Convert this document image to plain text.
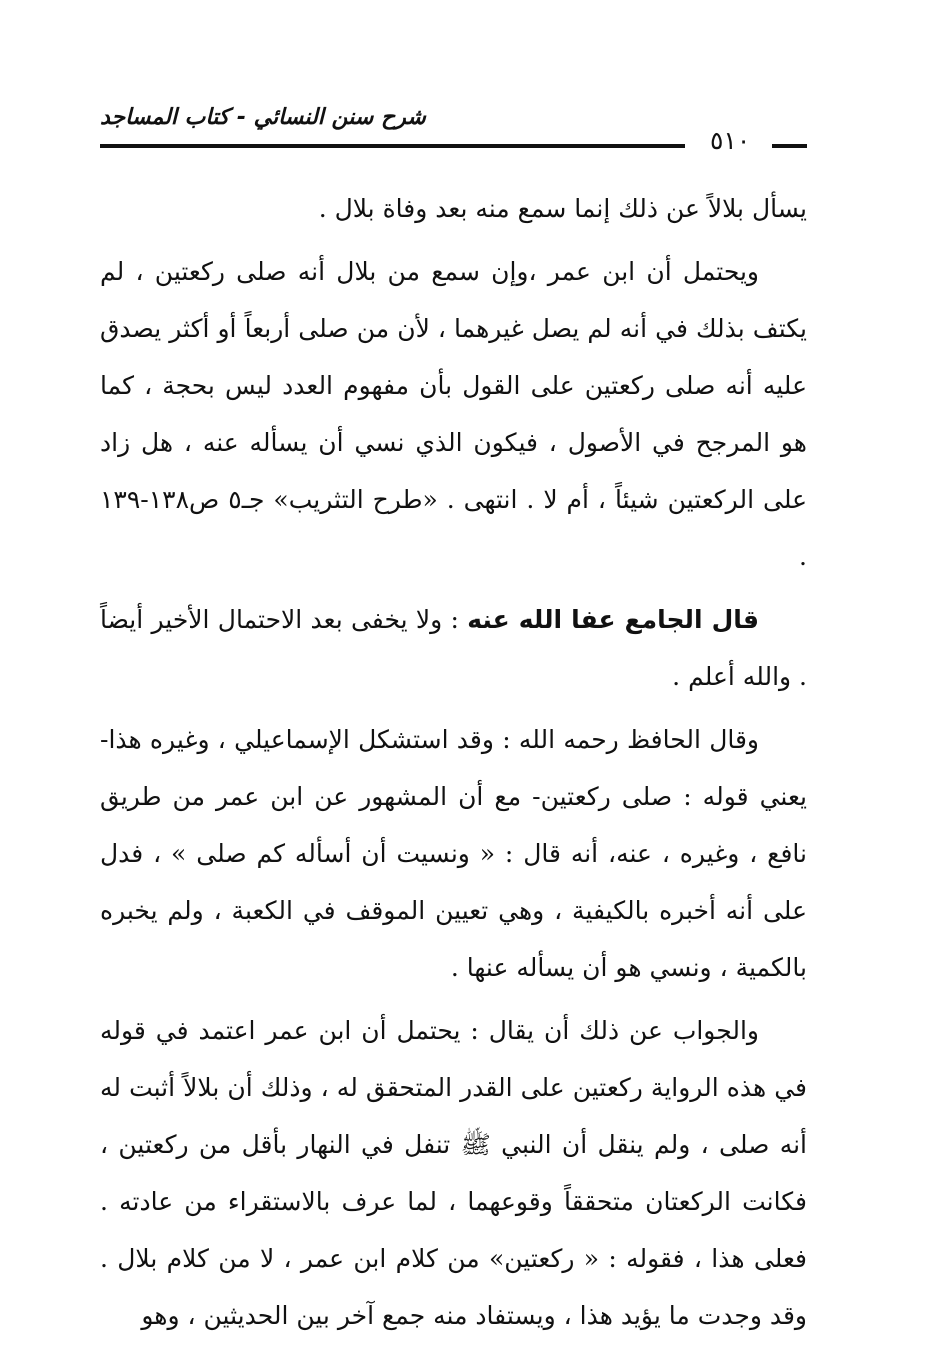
شرح سنن النسائي - كتاب المساجد
٥١٠

يسأل بلالاً عن ذلك إنما سمع منه بعد وفاة بلال .

ويحتمل أن ابن عمر ،وإن سمع من بلال أنه صلى ركعتين ، لم يكتف بذلك في أنه لم يصل غيرهما ، لأن من صلى أربعاً أو أكثر يصدق عليه أنه صلى ركعتين على القول بأن مفهوم العدد ليس بحجة ، كما هو المرجح في الأصول ، فيكون الذي نسي أن يسأله عنه ، هل زاد على الركعتين شيئاً ، أم لا . انتهى . «طرح التثريب» جـ٥ ص١٣٨-١٣٩ .

قال الجامع عفا الله عنه : ولا يخفى بعد الاحتمال الأخير أيضاً . والله أعلم .

وقال الحافظ رحمه الله : وقد استشكل الإسماعيلي ، وغيره هذا- يعني قوله : صلى ركعتين- مع أن المشهور عن ابن عمر من طريق نافع ، وغيره ، عنه، أنه قال : « ونسيت أن أسأله كم صلى » ، فدل على أنه أخبره بالكيفية ، وهي تعيين الموقف في الكعبة ، ولم يخبره بالكمية ، ونسي هو أن يسأله عنها .

والجواب عن ذلك أن يقال : يحتمل أن ابن عمر اعتمد في قوله في هذه الرواية ركعتين على القدر المتحقق له ، وذلك أن بلالاً أثبت له أنه صلى ، ولم ينقل أن النبي ﷺ تنفل في النهار بأقل من ركعتين ، فكانت الركعتان متحققاً وقوعهما ، لما عرف بالاستقراء من عادته . فعلى هذا ، فقوله : « ركعتين» من كلام ابن عمر ، لا من كلام بلال . وقد وجدت ما يؤيد هذا ، ويستفاد منه جمع آخر بين الحديثين ، وهو
